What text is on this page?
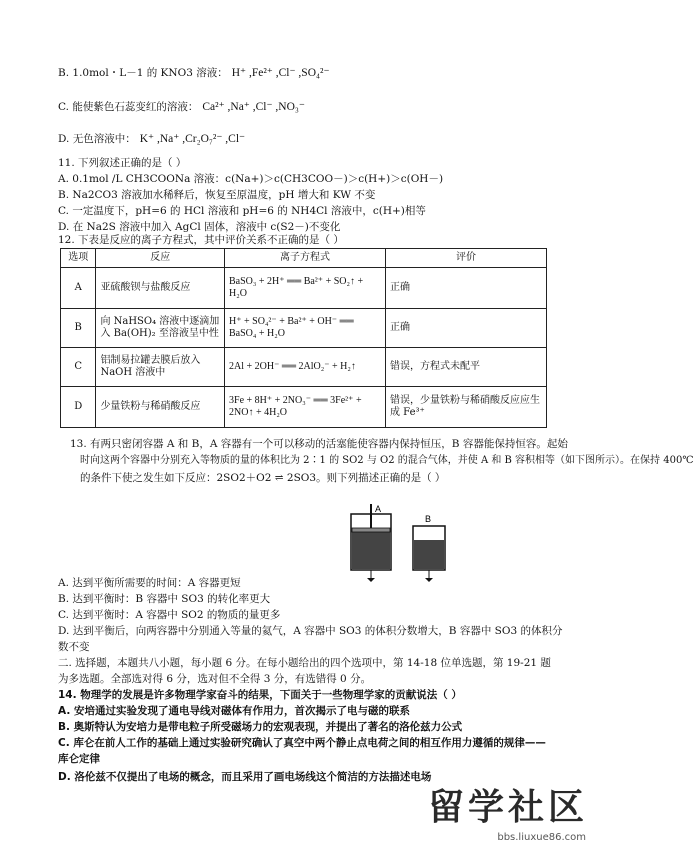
B. 1.0mol・L－1 的 KNO3 溶液： H⁺ ,Fe²⁺ ,Cl⁻ ,SO₄²⁻
C. 能使紫色石蕊变红的溶液： Ca²⁺ ,Na⁺ ,Cl⁻ ,NO₃⁻
D. 无色溶液中： K⁺ ,Na⁺ ,Cr₂O₇²⁻ ,Cl⁻
11. 下列叙述正确的是（ ）
A. 0.1mol /L CH3COONa 溶液：c(Na+)＞c(CH3COO－)＞c(H+)＞c(OH－)
B. Na2CO3 溶液加水稀释后，恢复至原温度，pH 增大和 KW 不变
C. 一定温度下，pH=6 的 HCl 溶液和 pH=6 的 NH4Cl 溶液中，c(H+)相等
D. 在 Na2S 溶液中加入 AgCl 固体，溶液中 c(S2－)不变化
12. 下表是反应的离子方程式，其中评价关系不正确的是（ ）
选项	反应	离子方程式	评价
A	亚硫酸钡与盐酸反应	BaSO₃ + 2H⁺ ══ Ba²⁺ + SO₂↑ + H₂O	正确
B	向 NaHSO₄ 溶液中逐滴加入 Ba(OH)₂ 至溶液呈中性	H⁺ + SO₄²⁻ + Ba²⁺ + OH⁻ ══ BaSO₄ + H₂O	正确
C	铝制易拉罐去膜后放入 NaOH 溶液中	2Al + 2OH⁻ ══ 2AlO₂⁻ + H₂↑	错误，方程式未配平
D	少量铁粉与稀硝酸反应	3Fe + 8H⁺ + 2NO₃⁻ ══ 3Fe²⁺ + 2NO↑ + 4H₂O	错误，少量铁粉与稀硝酸反应应生成 Fe³⁺
13. 有两只密闭容器 A 和 B，A 容器有一个可以移动的活塞能使容器内保持恒压，B 容器能保持恒容。起始
时向这两个容器中分别充入等物质的量的体积比为 2∶1 的 SO2 与 O2 的混合气体，并使 A 和 B 容积相等（如下图所示）。在保持 400℃
的条件下使之发生如下反应：2SO2＋O2 ⇌ 2SO3。则下列描述正确的是（ ）
A
B
A. 达到平衡所需要的时间：A 容器更短
B. 达到平衡时：B 容器中 SO3 的转化率更大
C. 达到平衡时：A 容器中 SO2 的物质的量更多
D. 达到平衡后，向两容器中分别通入等量的氦气，A 容器中 SO3 的体积分数增大，B 容器中 SO3 的体积分
数不变
二. 选择题，本题共八小题，每小题 6 分。在每小题给出的四个选项中，第 14-18 位单选题，第 19-21 题
为多选题。全部选对得 6 分，选对但不全得 3 分，有选错得 0 分。
14. 物理学的发展是许多物理学家奋斗的结果，下面关于一些物理学家的贡献说法（ ）
A. 安培通过实验发现了通电导线对磁体有作用力，首次揭示了电与磁的联系
B. 奥斯特认为安培力是带电粒子所受磁场力的宏观表现，并提出了著名的洛伦兹力公式
C. 库仑在前人工作的基础上通过实验研究确认了真空中两个静止点电荷之间的相互作用力遵循的规律——
库仑定律
D. 洛伦兹不仅提出了电场的概念，而且采用了画电场线这个简洁的方法描述电场
留学社区
bbs.liuxue86.com
